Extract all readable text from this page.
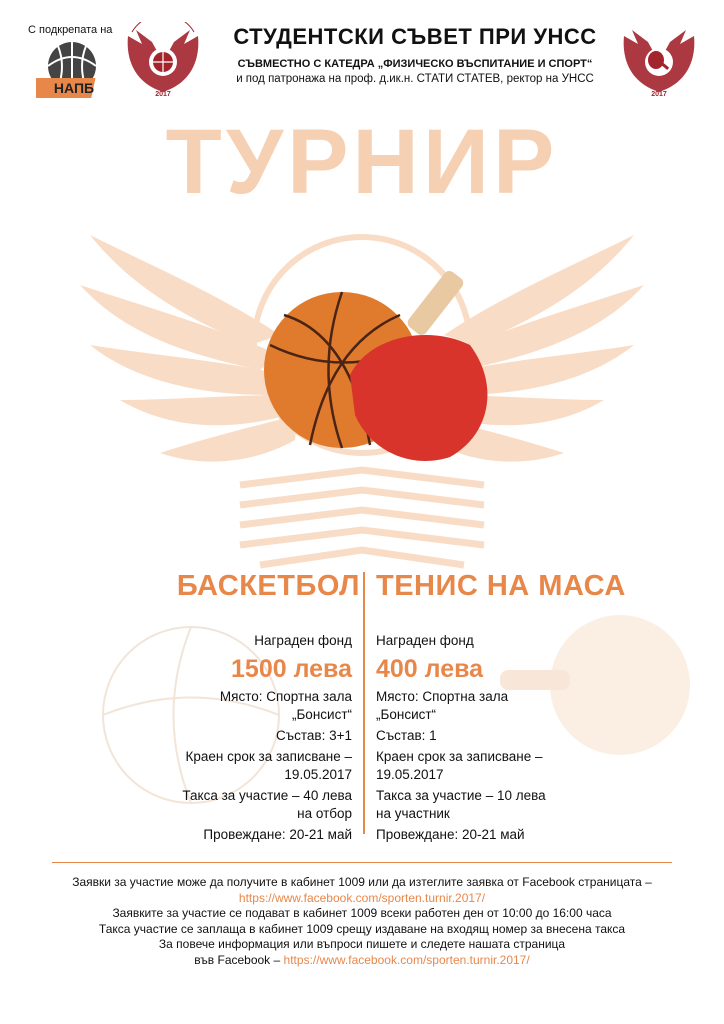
С подкрепата на
НАПБ	2017	2017
СТУДЕНТСКИ СЪВЕТ ПРИ УНСС
СЪВМЕСТНО С КАТЕДРА „ФИЗИЧЕСКО ВЪСПИТАНИЕ И СПОРТ“
и под патронажа на проф. д.ик.н. СТАТИ СТАТЕВ, ректор на УНСС
ТУРНИР
БАСКЕТБОЛ ТЕНИС НА МАСА
Награден фонд
1500 лева
Място: Спортна зала
„Бонсист“
Състав: 3+1
Краен срок за записване –
19.05.2017
Такса за участие – 40 лева
на отбор
Провеждане: 20-21 май
Награден фонд
400 лева
Място: Спортна зала
„Бонсист“
Състав: 1
Краен срок за записване –
19.05.2017
Такса за участие – 10 лева
на участник
Провеждане: 20-21 май
Заявки за участие може да получите в кабинет 1009 или да изтеглите заявка от Facebook страницата –
https://www.facebook.com/sporten.turnir.2017/
Заявките за участие се подават в кабинет 1009 всеки работен ден от 10:00 до 16:00 часа
Такса участие се заплаща в кабинет 1009 срещу издаване на входящ номер за внесена такса
За повече информация или въпроси пишете и следете нашата страница
във Facebook – https://www.facebook.com/sporten.turnir.2017/
